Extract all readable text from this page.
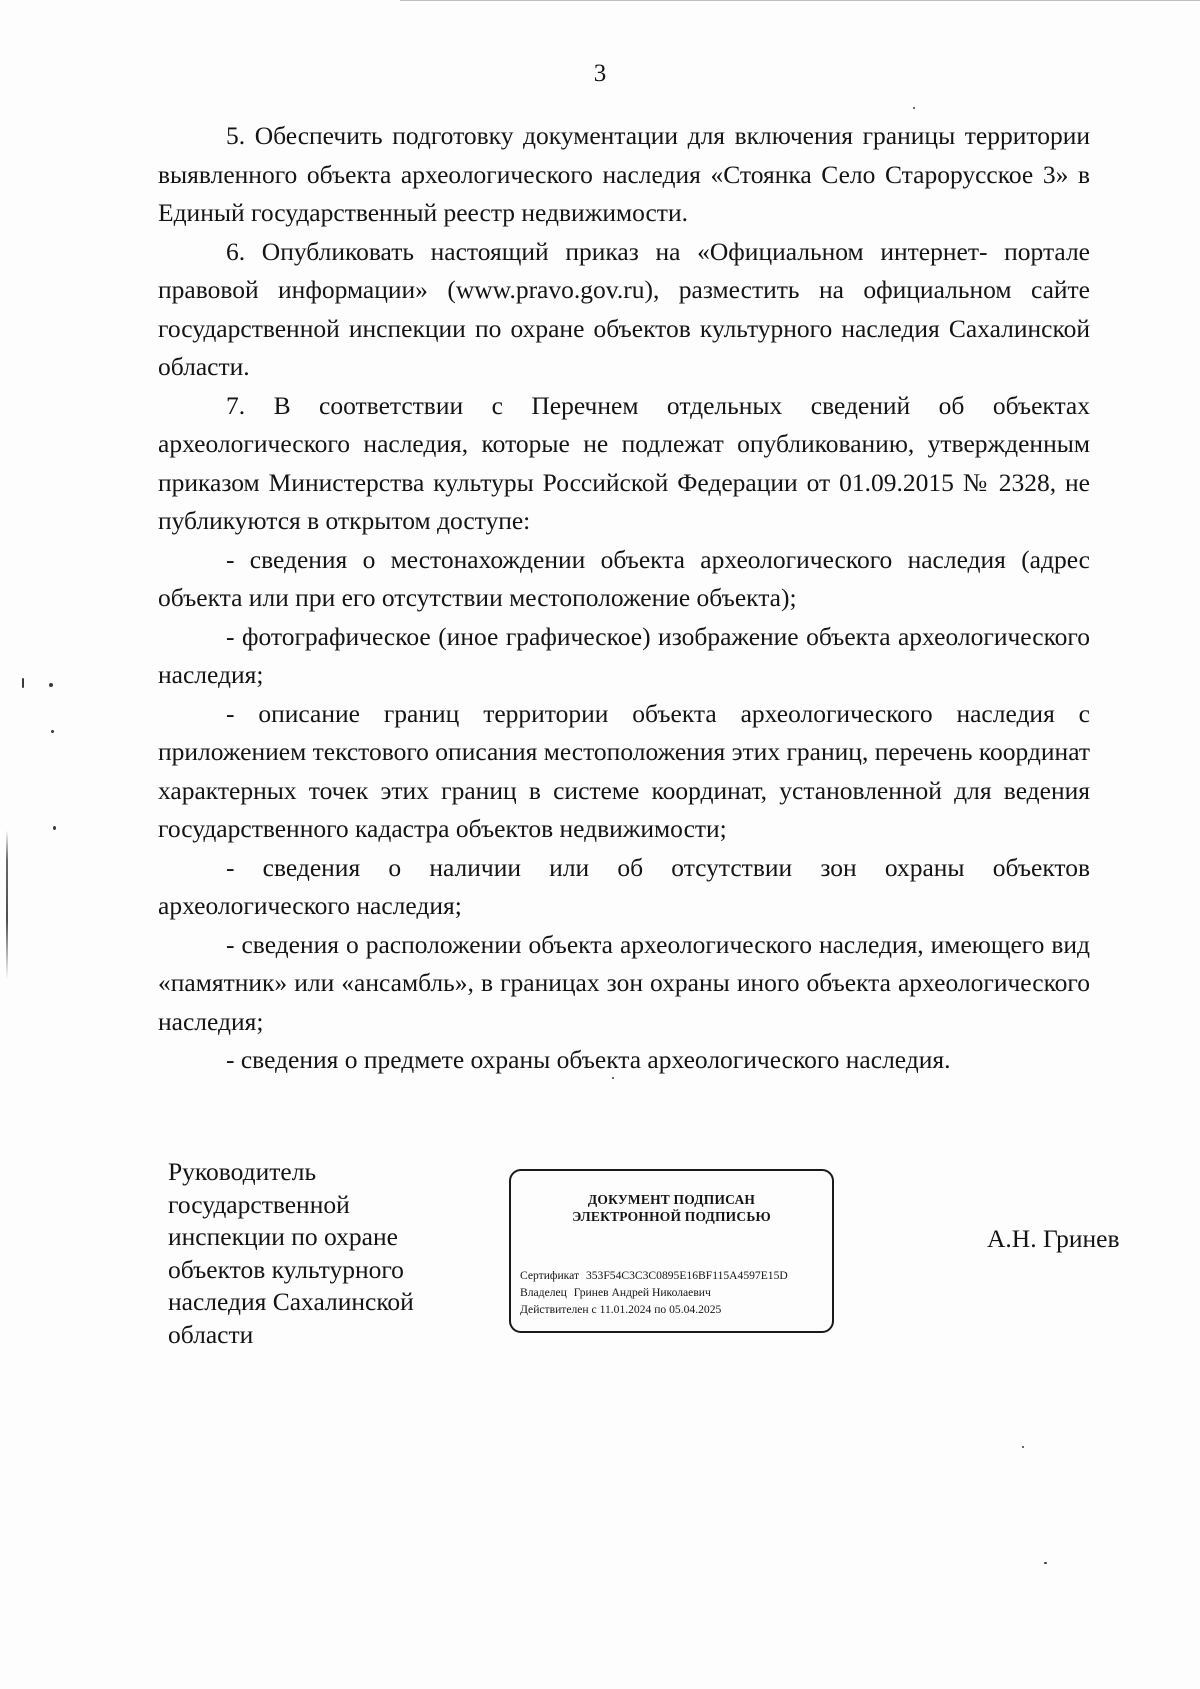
3

5. Обеспечить подготовку документации для включения границы территории выявленного объекта археологического наследия «Стоянка Село Старорусское 3» в Единый государственный реестр недвижимости.

6. Опубликовать настоящий приказ на «Официальном интернет- портале правовой информации» (www.pravo.gov.ru), разместить на официальном сайте государственной инспекции по охране объектов культурного наследия Сахалинской области.

7. В соответствии с Перечнем отдельных сведений об объектах археологического наследия, которые не подлежат опубликованию, утвержденным приказом Министерства культуры Российской Федерации от 01.09.2015 № 2328, не публикуются в открытом доступе:

- сведения о местонахождении объекта археологического наследия (адрес объекта или при его отсутствии местоположение объекта);

- фотографическое (иное графическое) изображение объекта археологического наследия;

- описание границ территории объекта археологического наследия с приложением текстового описания местоположения этих границ, перечень координат характерных точек этих границ в системе координат, установленной для ведения государственного кадастра объектов недвижимости;

- сведения о наличии или об отсутствии зон охраны объектов археологического наследия;

- сведения о расположении объекта археологического наследия, имеющего вид «памятник» или «ансамбль», в границах зон охраны иного объекта археологического наследия;

- сведения о предмете охраны объекта археологического наследия.

Руководитель
государственной
инспекции по охране
объектов культурного
наследия Сахалинской
области
ДОКУМЕНТ ПОДПИСАН
ЭЛЕКТРОННОЙ ПОДПИСЬЮ
Сертификат 353F54C3C3C0895E16BF115A4597E15D
Владелец Гринев Андрей Николаевич
Действителен с 11.01.2024 по 05.04.2025
А.Н. Гринев
